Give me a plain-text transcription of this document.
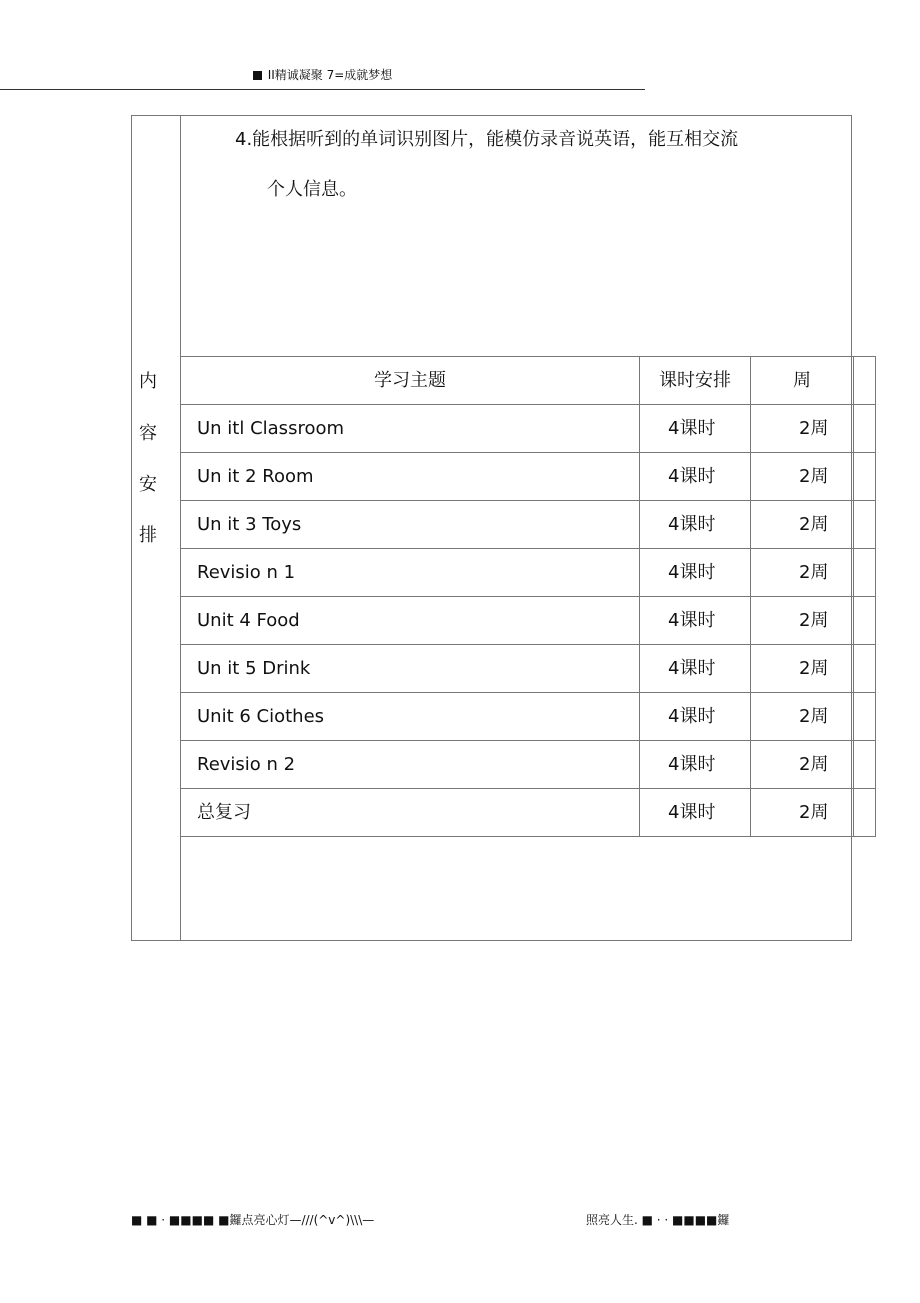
II精诚凝聚 7=成就梦想
4.能根据听到的单词识别图片，能模仿录音说英语，能互相交流
个人信息。
内
容
安
排
学习主题	课时安排	周	
Un itl Classroom	4课时	2周	
Un it 2 Room	4课时	2周	
Un it 3 Toys	4课时	2周	
Revisio n 1	4课时	2周	
Unit 4 Food	4课时	2周	
Un it 5 Drink	4课时	2周	
Unit 6 Ciothes	4课时	2周	
Revisio n 2	4课时	2周	
总复习	4课时	2周	
■ ■ · ■■■■ ■鑼点亮心灯—///(^v^)\\\—	照亮人生. ■ · · ■■■■鑼
